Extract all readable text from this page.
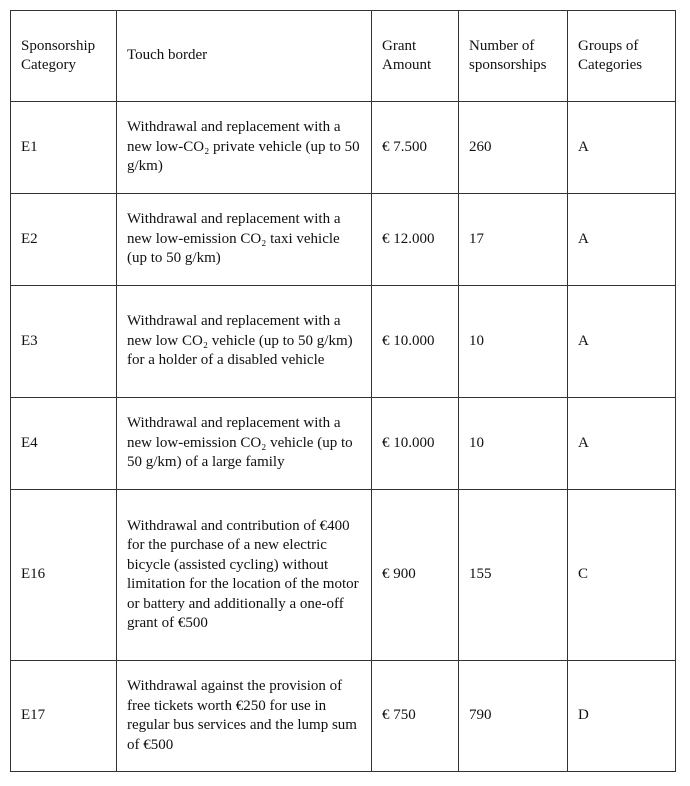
Sponsorship Category	Touch border	Grant Amount	Number of sponsorships	Groups of Categories
E1	Withdrawal and replacement with a new low-CO₂ private vehicle (up to 50 g/km)	€ 7.500	260	A
E2	Withdrawal and replacement with a new low-emission CO₂ taxi vehicle (up to 50 g/km)	€ 12.000	17	A
E3	Withdrawal and replacement with a new low CO₂ vehicle (up to 50 g/km) for a holder of a disabled vehicle	€ 10.000	10	A
E4	Withdrawal and replacement with a new low-emission CO₂ vehicle (up to 50 g/km) of a large family	€ 10.000	10	A
E16	Withdrawal and contribution of €400 for the purchase of a new electric bicycle (assisted cycling) without limitation for the location of the motor or battery and additionally a one-off grant of €500	€ 900	155	C
E17	Withdrawal against the provision of free tickets worth €250 for use in regular bus services and the lump sum of €500	€ 750	790	D
